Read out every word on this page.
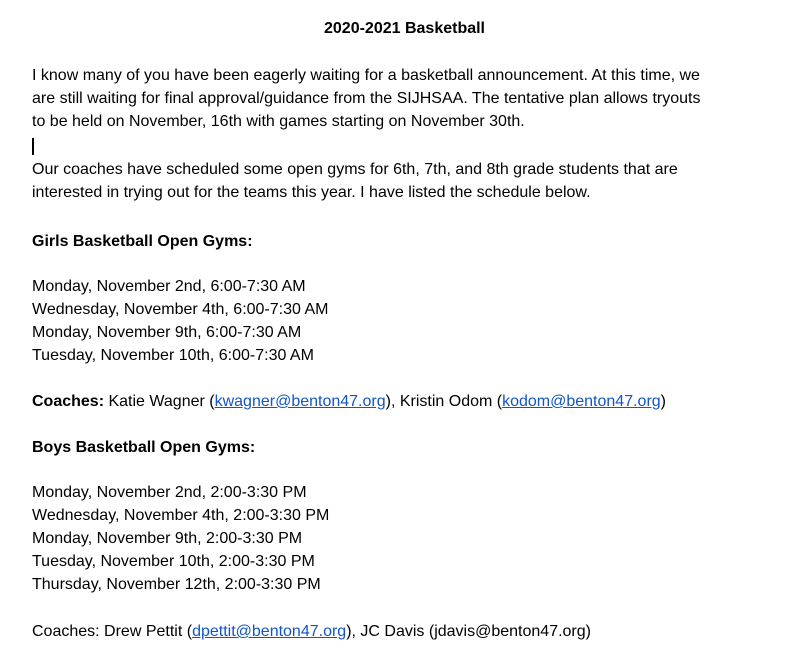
2020-2021 Basketball
I know many of you have been eagerly waiting for a basketball announcement. At this time, we
are still waiting for final approval/guidance from the SIJHSAA. The tentative plan allows tryouts
to be held on November, 16th with games starting on November 30th.
Our coaches have scheduled some open gyms for 6th, 7th, and 8th grade students that are
interested in trying out for the teams this year. I have listed the schedule below.
Girls Basketball Open Gyms:
Monday, November 2nd, 6:00-7:30 AM
Wednesday, November 4th, 6:00-7:30 AM
Monday, November 9th, 6:00-7:30 AM
Tuesday, November 10th, 6:00-7:30 AM
Coaches: Katie Wagner (kwagner@benton47.org), Kristin Odom (kodom@benton47.org)
Boys Basketball Open Gyms:
Monday, November 2nd, 2:00-3:30 PM
Wednesday, November 4th, 2:00-3:30 PM
Monday, November 9th, 2:00-3:30 PM
Tuesday, November 10th, 2:00-3:30 PM
Thursday, November 12th, 2:00-3:30 PM
Coaches: Drew Pettit (dpettit@benton47.org), JC Davis (jdavis@benton47.org)
